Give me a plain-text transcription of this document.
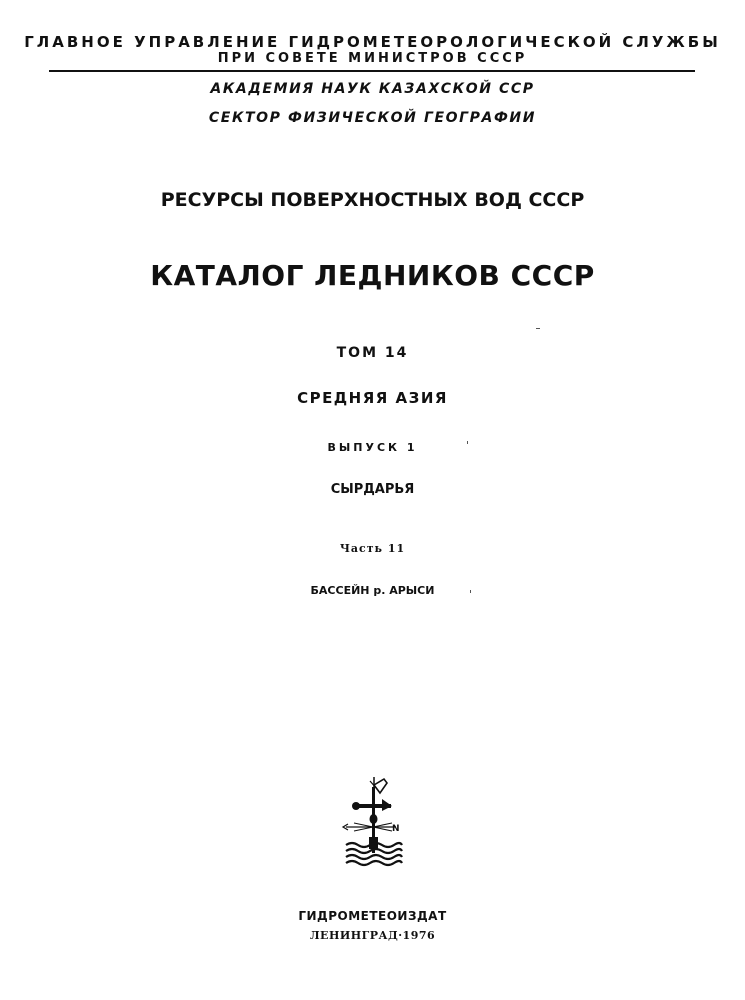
ГЛАВНОЕ УПРАВЛЕНИЕ ГИДРОМЕТЕОРОЛОГИЧЕСКОЙ СЛУЖБЫ
ПРИ СОВЕТЕ МИНИСТРОВ СССР
АКАДЕМИЯ НАУК КАЗАХСКОЙ ССР
СЕКТОР ФИЗИЧЕСКОЙ ГЕОГРАФИИ
РЕСУРСЫ ПОВЕРХНОСТНЫХ ВОД СССР
КАТАЛОГ ЛЕДНИКОВ СССР
ТОМ 14
СРЕДНЯЯ АЗИЯ
ВЫПУСК 1
СЫРДАРЬЯ
Часть 11
БАССЕЙН р. АРЫСИ
N
ГИДРОМЕТЕОИЗДАТ
ЛЕНИНГРАД·1976
